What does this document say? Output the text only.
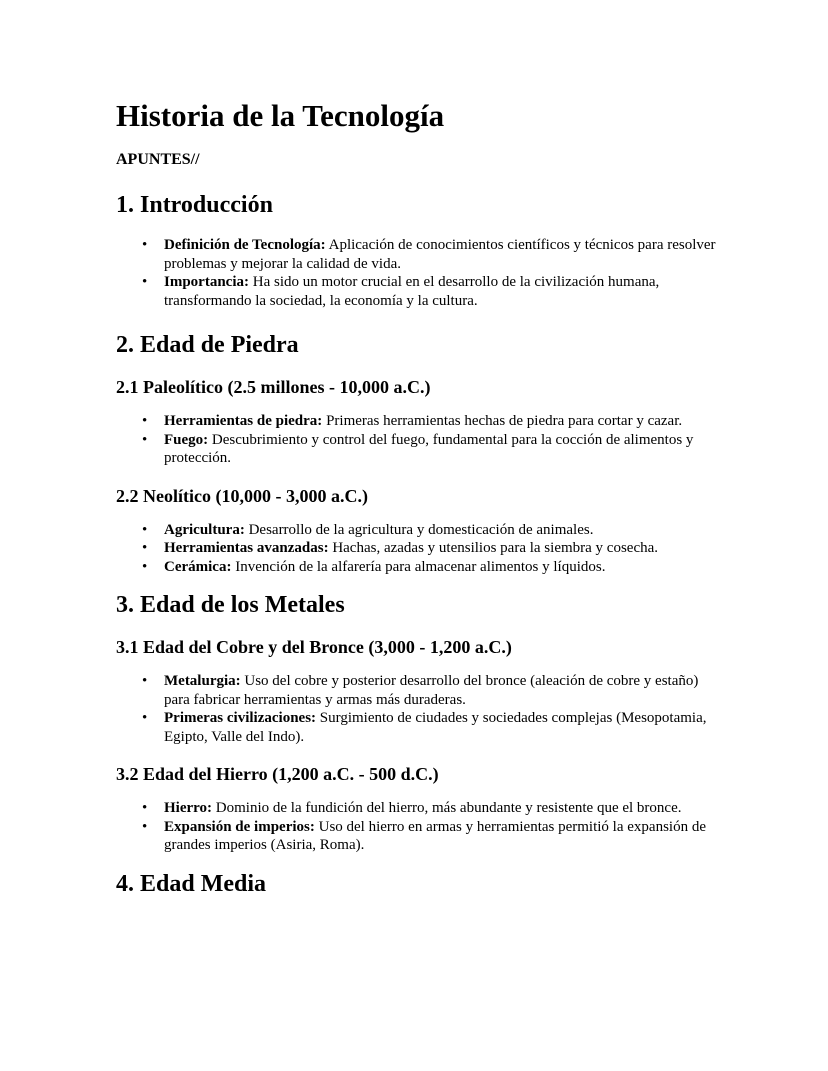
Historia de la Tecnología
APUNTES//
1. Introducción
• Definición de Tecnología: Aplicación de conocimientos científicos y técnicos para resolver problemas y mejorar la calidad de vida.
• Importancia: Ha sido un motor crucial en el desarrollo de la civilización humana, transformando la sociedad, la economía y la cultura.
2. Edad de Piedra
2.1 Paleolítico (2.5 millones - 10,000 a.C.)
• Herramientas de piedra: Primeras herramientas hechas de piedra para cortar y cazar.
• Fuego: Descubrimiento y control del fuego, fundamental para la cocción de alimentos y protección.
2.2 Neolítico (10,000 - 3,000 a.C.)
• Agricultura: Desarrollo de la agricultura y domesticación de animales.
• Herramientas avanzadas: Hachas, azadas y utensilios para la siembra y cosecha.
• Cerámica: Invención de la alfarería para almacenar alimentos y líquidos.
3. Edad de los Metales
3.1 Edad del Cobre y del Bronce (3,000 - 1,200 a.C.)
• Metalurgia: Uso del cobre y posterior desarrollo del bronce (aleación de cobre y estaño) para fabricar herramientas y armas más duraderas.
• Primeras civilizaciones: Surgimiento de ciudades y sociedades complejas (Mesopotamia, Egipto, Valle del Indo).
3.2 Edad del Hierro (1,200 a.C. - 500 d.C.)
• Hierro: Dominio de la fundición del hierro, más abundante y resistente que el bronce.
• Expansión de imperios: Uso del hierro en armas y herramientas permitió la expansión de grandes imperios (Asiria, Roma).
4. Edad Media
